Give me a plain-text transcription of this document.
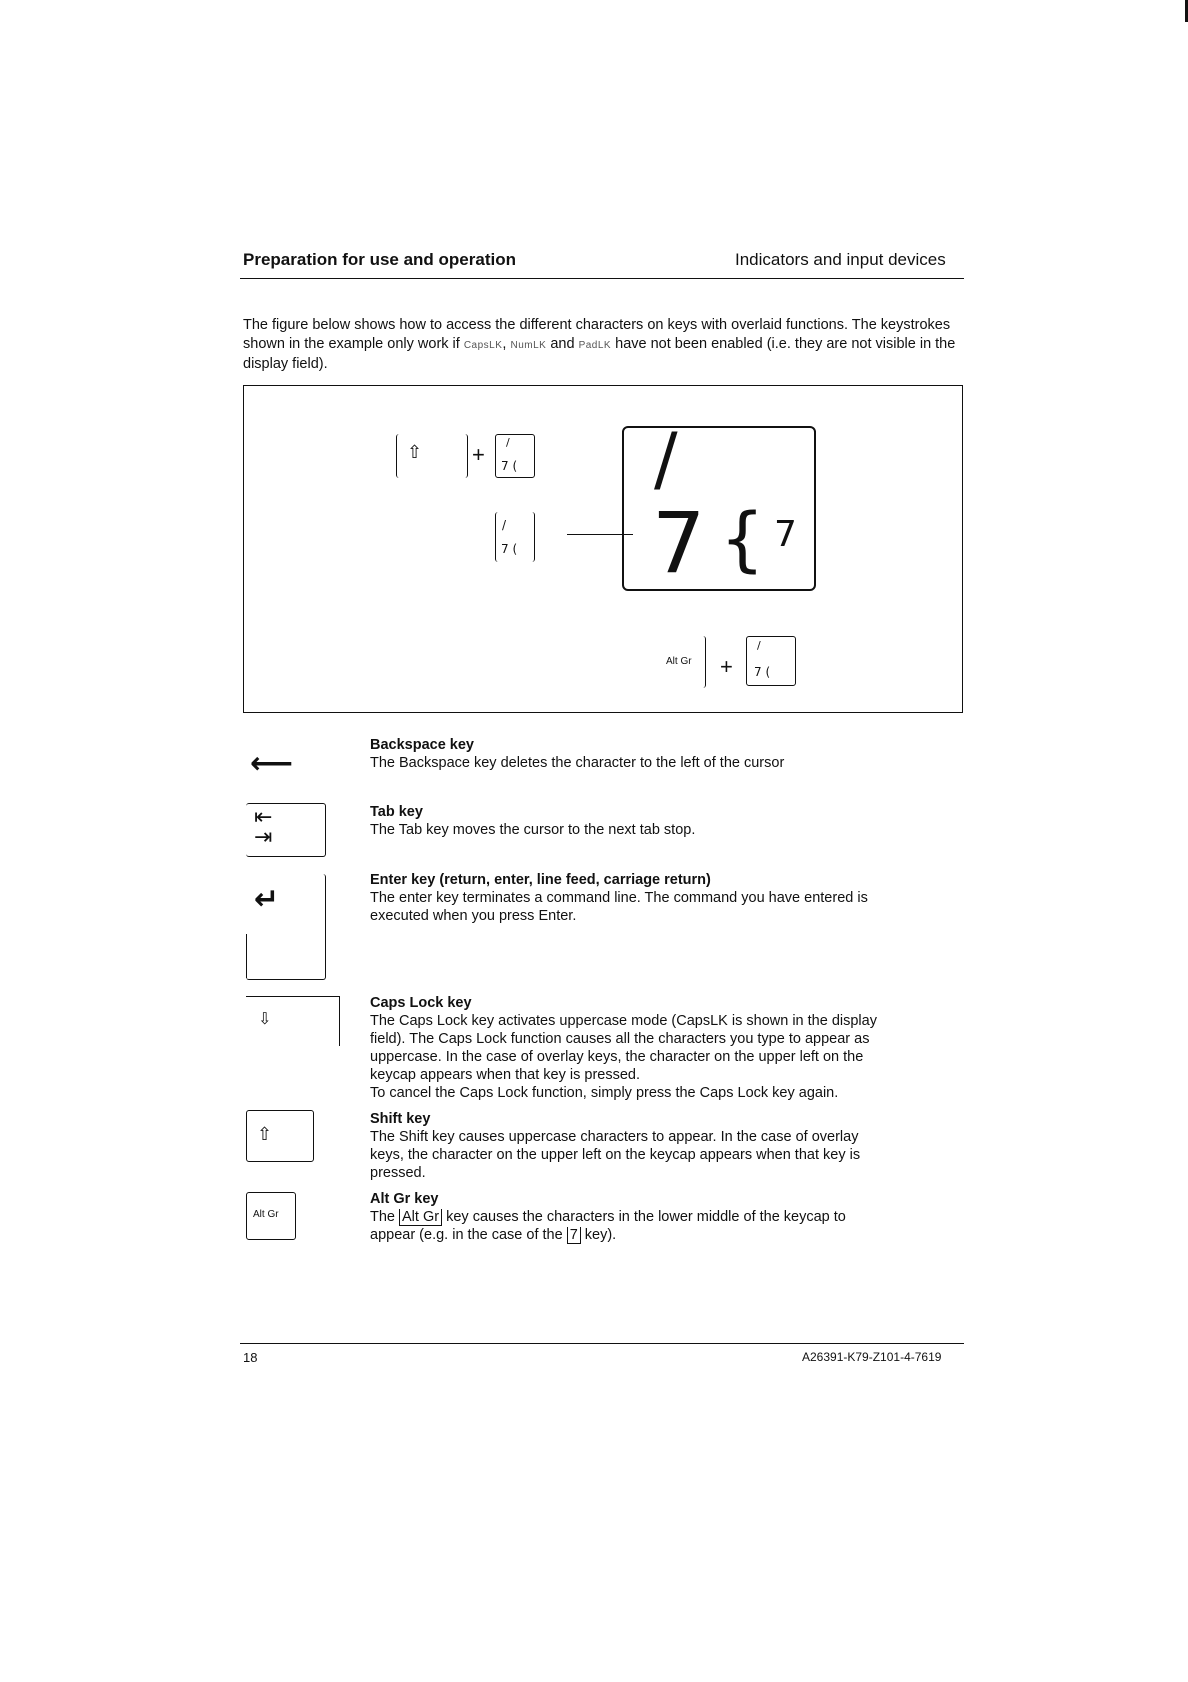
Preparation for use and operation	Indicators and input devices
The figure below shows how to access the different characters on keys with overlaid functions. The keystrokes shown in the example only work if CapsLK, NumLK and PadLK have not been enabled (i.e. they are not visible in the display field).
⇧ + /
7 (
/
7 (
/
7 { 7
Alt Gr +
/
7 (
⟵
Backspace key
The Backspace key deletes the character to the left of the cursor
⇤
⇥
Tab key
The Tab key moves the cursor to the next tab stop.
↵
Enter key (return, enter, line feed, carriage return)
The enter key terminates a command line. The command you have entered is
executed when you press Enter.
⇩
Caps Lock key
The Caps Lock key activates uppercase mode (CapsLK is shown in the display
field). The Caps Lock function causes all the characters you type to appear as
uppercase. In the case of overlay keys, the character on the upper left on the
keycap appears when that key is pressed.
To cancel the Caps Lock function, simply press the Caps Lock key again.
⇧
Shift key
The Shift key causes uppercase characters to appear. In the case of overlay
keys, the character on the upper left on the keycap appears when that key is
pressed.
Alt Gr
Alt Gr key
The Alt Gr key causes the characters in the lower middle of the keycap to
appear (e.g. in the case of the 7 key).
18	A26391-K79-Z101-4-7619
